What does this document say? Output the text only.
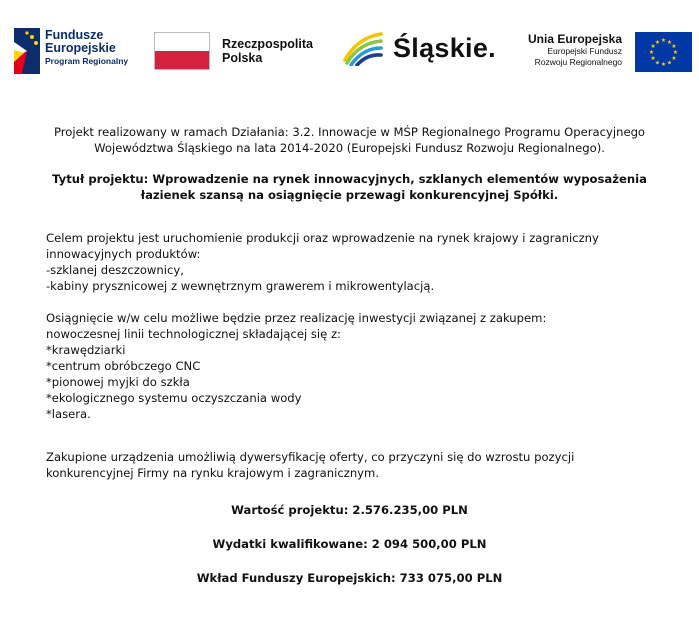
Fundusze
Europejskie
Program Regionalny
Rzeczpospolita
Polska	Śląskie.	Unia Europejska
Europejski Fundusz
Rozwoju Regionalnego
★ ★
★
★
★
★
★
★
★
★
★
★

Projekt realizowany w ramach Działania: 3.2. Innowacje w MŚP Regionalnego Programu Operacyjnego

Województwa Śląskiego na lata 2014-2020 (Europejski Fundusz Rozwoju Regionalnego).

Tytuł projektu: Wprowadzenie na rynek innowacyjnych, szklanych elementów wyposażenia

łazienek szansą na osiągnięcie przewagi konkurencyjnej Spółki.

Celem projektu jest uruchomienie produkcji oraz wprowadzenie na rynek krajowy i zagraniczny

innowacyjnych produktów:

-szklanej deszczownicy,

-kabiny prysznicowej z wewnętrznym grawerem i mikrowentylacją.

Osiągnięcie w/w celu możliwe będzie przez realizację inwestycji związanej z zakupem:

nowoczesnej linii technologicznej składającej się z:

*krawędziarki

*centrum obróbczego CNC

*pionowej myjki do szkła

*ekologicznego systemu oczyszczania wody

*lasera.

Zakupione urządzenia umożliwią dywersyfikację oferty, co przyczyni się do wzrostu pozycji

konkurencyjnej Firmy na rynku krajowym i zagranicznym.

Wartość projektu: 2.576.235,00 PLN

Wydatki kwalifikowane: 2 094 500,00 PLN

Wkład Funduszy Europejskich: 733 075,00 PLN
